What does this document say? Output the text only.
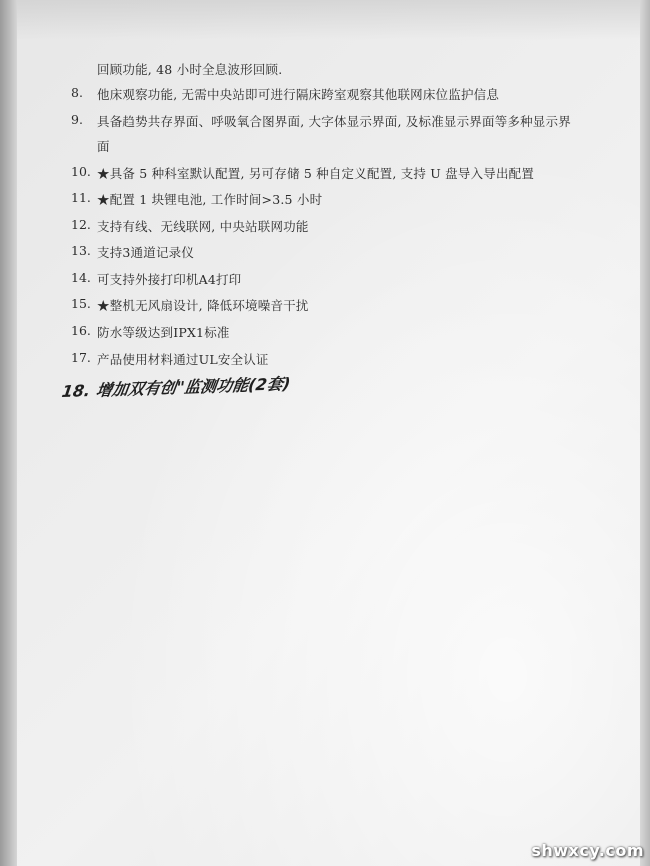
回顾功能, 48 小时全息波形回顾.
8. 他床观察功能, 无需中央站即可进行隔床跨室观察其他联网床位监护信息
9. 具备趋势共存界面、呼吸氧合图界面, 大字体显示界面, 及标准显示界面等多种显示界
面
10. ★具备 5 种科室默认配置, 另可存储 5 种自定义配置, 支持 U 盘导入导出配置
11. ★配置 1 块锂电池, 工作时间>3.5 小时
12. 支持有线、无线联网, 中央站联网功能
13. 支持3通道记录仪
14. 可支持外接打印机A4打印
15. ★整机无风扇设计, 降低环境噪音干扰
16. 防水等级达到IPX1标准
17. 产品使用材料通过UL安全认证
18. 增加双有创"监测功能(2套)
shwxcy.com
